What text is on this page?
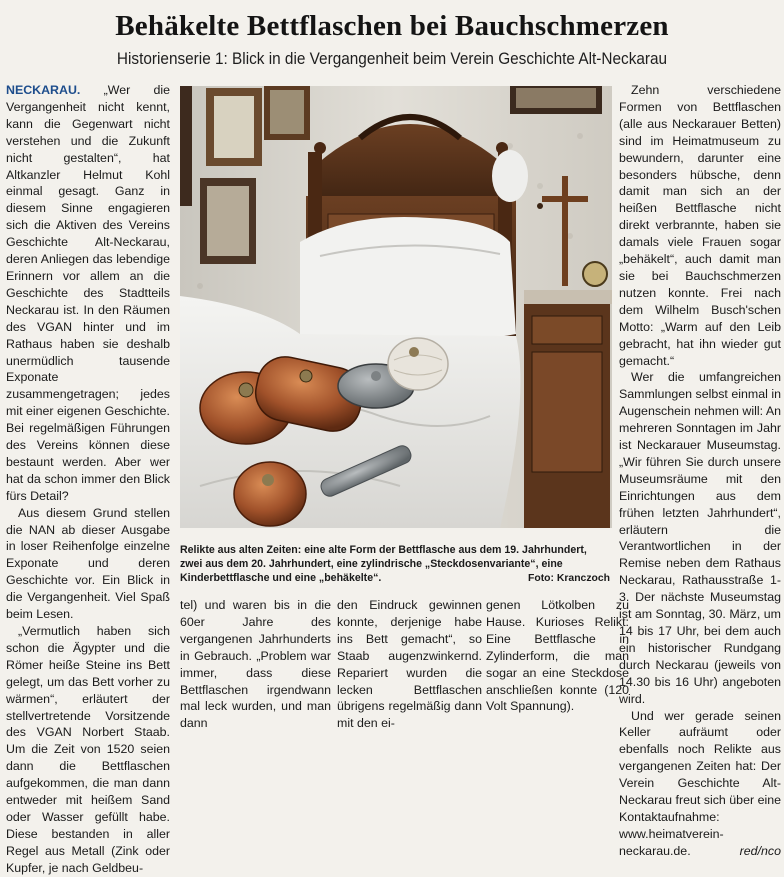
Behäkelte Bettflaschen bei Bauchschmerzen
Historienserie 1: Blick in die Vergangenheit beim Verein Geschichte Alt-Neckarau

NECKARAU. „Wer die Vergangenheit nicht kennt, kann die Gegenwart nicht verstehen und die Zukunft nicht gestalten“, hat Altkanzler Helmut Kohl einmal gesagt. Ganz in diesem Sinne engagieren sich die Aktiven des Vereins Geschichte Alt-Neckarau, deren Anliegen das lebendige Erinnern vor allem an die Geschichte des Stadtteils Neckarau ist. In den Räumen des VGAN hinter und im Rathaus haben sie deshalb unermüdlich tausende Exponate zusammengetragen; jedes mit einer eigenen Geschichte. Bei regelmäßigen Führungen des Vereins können diese bestaunt werden. Aber wer hat da schon immer den Blick fürs Detail?

Aus diesem Grund stellen die NAN ab dieser Ausgabe in loser Reihenfolge einzelne Exponate und deren Geschichte vor. Ein Blick in die Vergangenheit. Viel Spaß beim Lesen.

„Vermutlich haben sich schon die Ägypter und die Römer heiße Steine ins Bett gelegt, um das Bett vorher zu wärmen“, erläutert der stellvertretende Vorsitzende des VGAN Norbert Staab. Um die Zeit von 1520 seien dann die Bettflaschen aufgekommen, die man dann entweder mit heißem Sand oder Wasser gefüllt habe. Diese bestanden in aller Regel aus Metall (Zink oder Kupfer, je nach Geldbeu-

Relikte aus alten Zeiten: eine alte Form der Bettflasche aus dem 19. Jahrhundert, zwei aus dem 20. Jahrhundert, eine zylindrische „Steckdosenvariante“, eine Kinderbettflasche und eine „behäkelte“.	Foto: Kranczoch

tel) und waren bis in die 60er Jahre des vergangenen Jahrhunderts in Gebrauch. „Problem war immer, dass diese Bettflaschen irgendwann mal leck wurden, und man dann

den Eindruck gewinnen konnte, derjenige habe ins Bett gemacht“, so Staab augenzwinkernd. Repariert wurden die lecken Bettflaschen übrigens regelmäßig dann mit den ei-

genen Lötkolben zu Hause. Kurioses Relikt: Eine Bettflasche in Zylinderform, die man sogar an eine Steckdose anschließen konnte (120 Volt Spannung).

Zehn verschiedene Formen von Bettflaschen (alle aus Neckarauer Betten) sind im Heimatmuseum zu bewundern, darunter eine besonders hübsche, denn damit man sich an der heißen Bettflasche nicht direkt verbrannte, haben sie damals viele Frauen sogar „behäkelt“, auch damit man sie bei Bauchschmerzen nutzen konnte. Frei nach dem Wilhelm Busch'schen Motto: „Warm auf den Leib gebracht, hat ihn wieder gut gemacht.“

Wer die umfangreichen Sammlungen selbst einmal in Augenschein nehmen will: An mehreren Sonntagen im Jahr ist Neckarauer Museumstag. „Wir führen Sie durch unsere Museumsräume mit den Einrichtungen aus dem frühen letzten Jahrhundert“, erläutern die Verantwortlichen in der Remise neben dem Rathaus Neckarau, Rathausstraße 1-3. Der nächste Museumstag ist am Sonntag, 30. März, um 14 bis 17 Uhr, bei dem auch ein historischer Rundgang durch Neckarau (jeweils von 14.30 bis 16 Uhr) angeboten wird.

Und wer gerade seinen Keller aufräumt oder ebenfalls noch Relikte aus vergangenen Zeiten hat: Der Verein Geschichte Alt-Neckarau freut sich über eine Kontaktaufnahme: www.heimatverein-neckarau.de.	red/nco
